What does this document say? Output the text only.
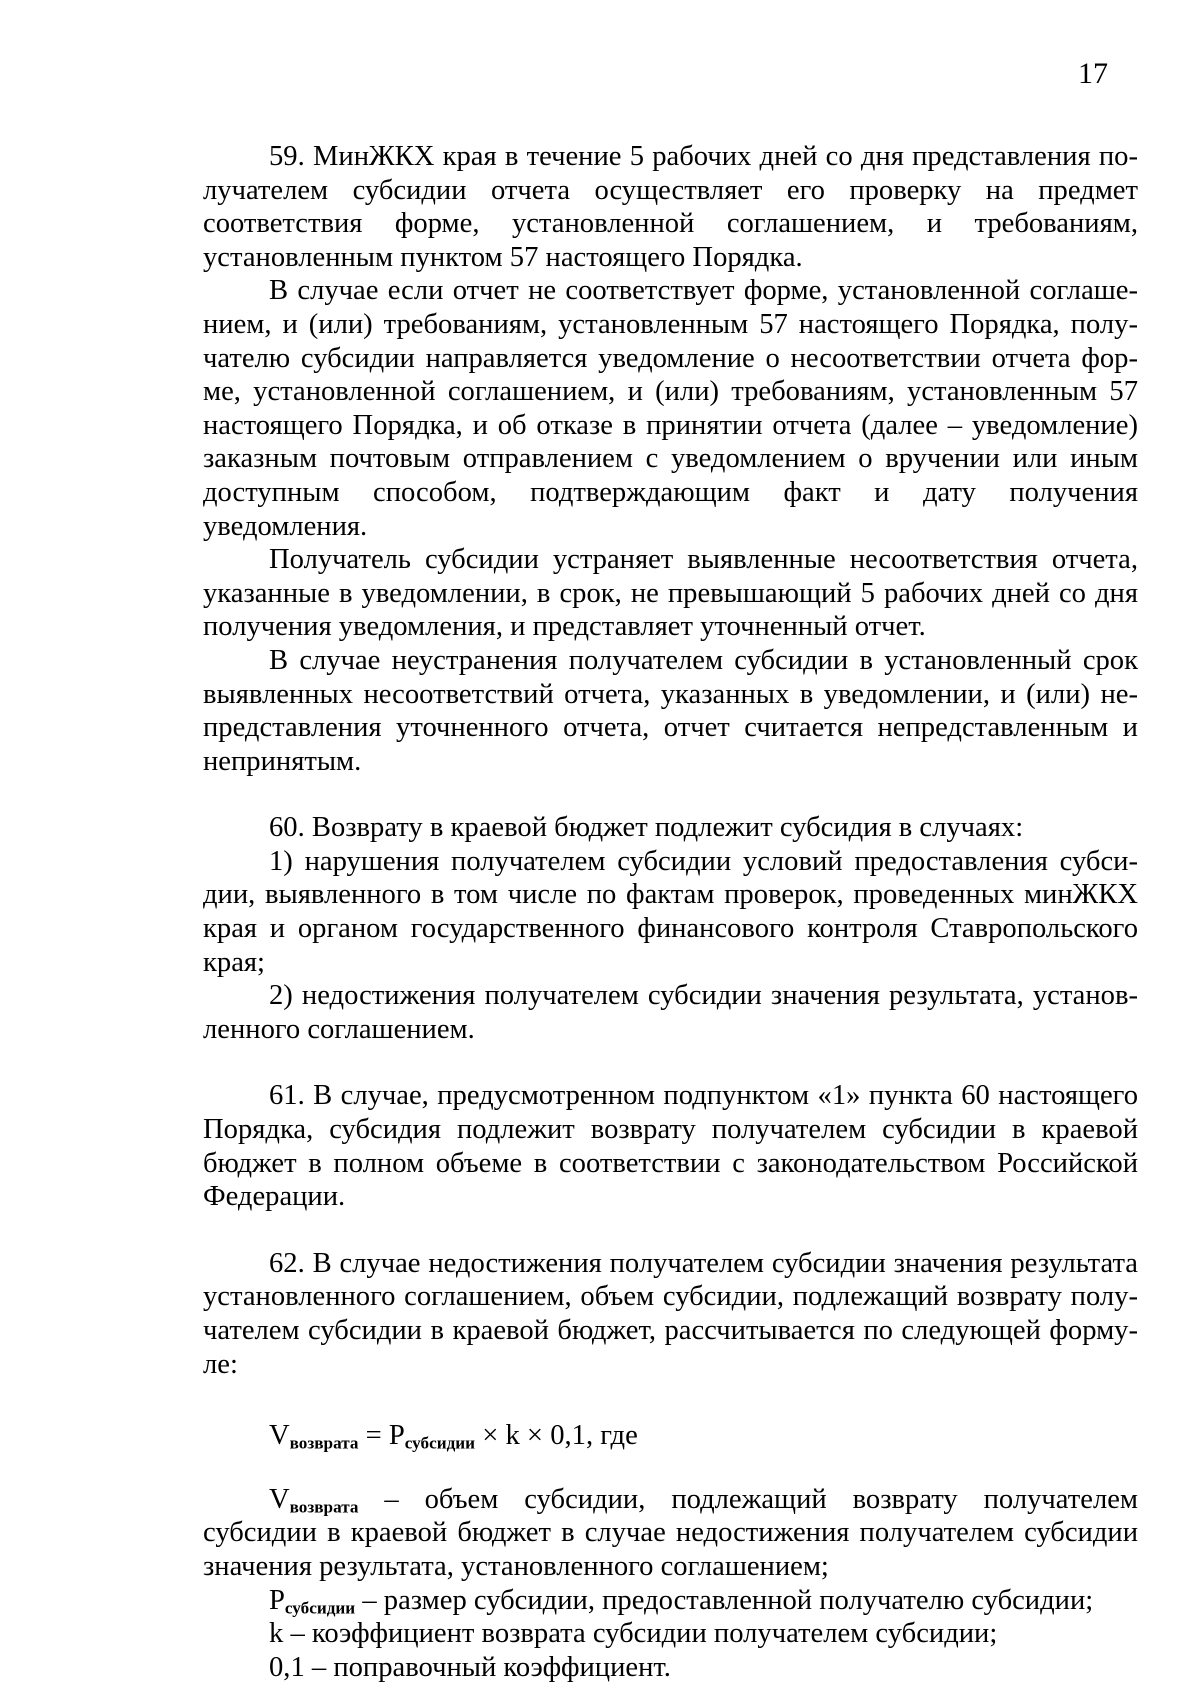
17

59. МинЖКХ края в течение 5 рабочих дней со дня представления получателем субсидии отчета осуществляет его проверку на предмет соответствия форме, установленной соглашением, и требованиям, установленным пунктом 57 настоящего Порядка.

В случае если отчет не соответствует форме, установленной соглашением, и (или) требованиям, установленным 57 настоящего Порядка, получателю субсидии направляется уведомление о несоответствии отчета форме, установленной соглашением, и (или) требованиям, установленным 57 настоящего Порядка, и об отказе в принятии отчета (далее – уведомление) заказным почтовым отправлением с уведомлением о вручении или иным доступным способом, подтверждающим факт и дату получения уведомления.

Получатель субсидии устраняет выявленные несоответствия отчета, указанные в уведомлении, в срок, не превышающий 5 рабочих дней со дня получения уведомления, и представляет уточненный отчет.

В случае неустранения получателем субсидии в установленный срок выявленных несоответствий отчета, указанных в уведомлении, и (или) непредставления уточненного отчета, отчет считается непредставленным и непринятым.

60. Возврату в краевой бюджет подлежит субсидия в случаях:

1) нарушения получателем субсидии условий предоставления субсидии, выявленного в том числе по фактам проверок, проведенных минЖКХ края и органом государственного финансового контроля Ставропольского края;

2) недостижения получателем субсидии значения результата, установленного соглашением.

61. В случае, предусмотренном подпунктом «1» пункта 60 настоящего Порядка, субсидия подлежит возврату получателем субсидии в краевой бюджет в полном объеме в соответствии с законодательством Российской Федерации.

62. В случае недостижения получателем субсидии значения результата установленного соглашением, объем субсидии, подлежащий возврату получателем субсидии в краевой бюджет, рассчитывается по следующей формуле:

$V_{возврата} = P_{субсидии} \times k \times 0,1$, где

$V_{возврата}$ – объем субсидии, подлежащий возврату получателем субсидии в краевой бюджет в случае недостижения получателем субсидии значения результата, установленного соглашением;

$P_{субсидии}$ – размер субсидии, предоставленной получателю субсидии;

k – коэффициент возврата субсидии получателем субсидии;

0,1 – поправочный коэффициент.
